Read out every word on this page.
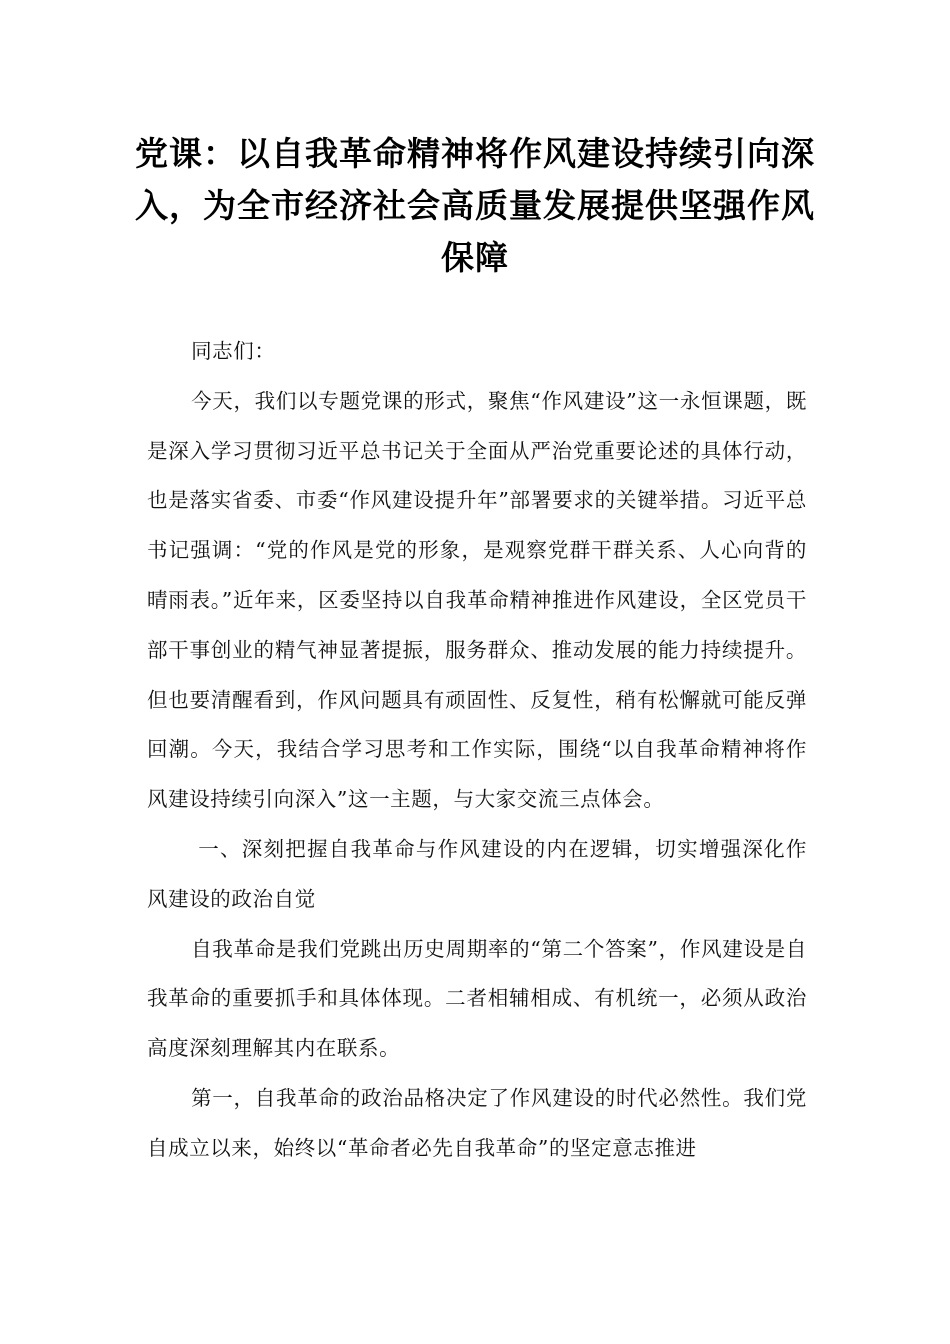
党课：以自我革命精神将作风建设持续引向深入，为全市经济社会高质量发展提供坚强作风保障

同志们：

今天，我们以专题党课的形式，聚焦“作风建设”这一永恒课题，既是深入学习贯彻习近平总书记关于全面从严治党重要论述的具体行动，也是落实省委、市委“作风建设提升年”部署要求的关键举措。习近平总书记强调：“党的作风是党的形象，是观察党群干群关系、人心向背的晴雨表。”近年来，区委坚持以自我革命精神推进作风建设，全区党员干部干事创业的精气神显著提振，服务群众、推动发展的能力持续提升。但也要清醒看到，作风问题具有顽固性、反复性，稍有松懈就可能反弹回潮。今天，我结合学习思考和工作实际，围绕“以自我革命精神将作风建设持续引向深入”这一主题，与大家交流三点体会。

一、深刻把握自我革命与作风建设的内在逻辑，切实增强深化作风建设的政治自觉

自我革命是我们党跳出历史周期率的“第二个答案”，作风建设是自我革命的重要抓手和具体体现。二者相辅相成、有机统一，必须从政治高度深刻理解其内在联系。

第一，自我革命的政治品格决定了作风建设的时代必然性。我们党自成立以来，始终以“革命者必先自我革命”的坚定意志推进
